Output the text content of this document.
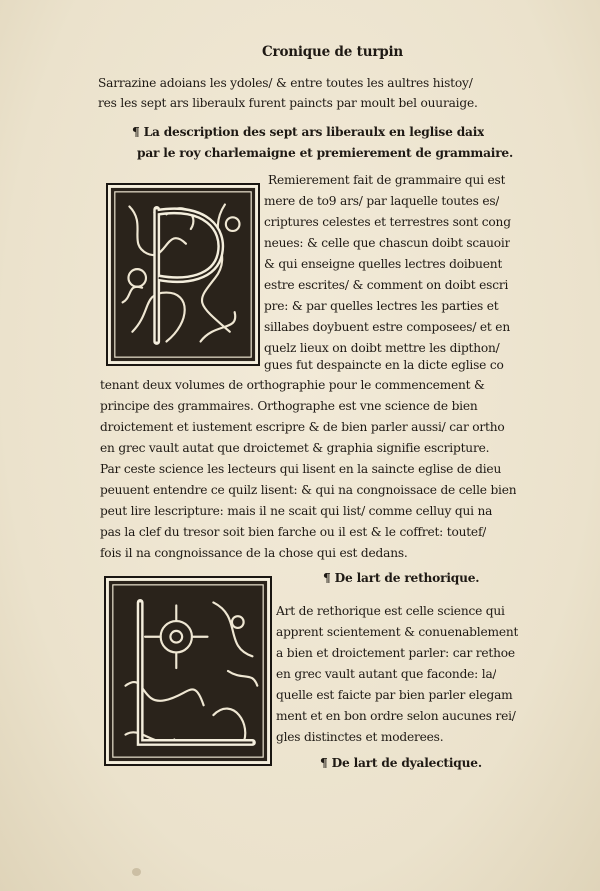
Cronique de turpin
Sarrazine adoians les ydoles/ & entre toutes les aultres histoy/
res les sept ars liberaulx furent paincts par moult bel ouuraige.
¶ La description des sept ars liberaulx en leglise daix
par le roy charlemaigne et premierement de grammaire.
Remierement fait de grammaire qui est
mere de to9 ars/ par laquelle toutes es/
criptures celestes et terrestres sont cong
neues: & celle que chascun doibt scauoir
& qui enseigne quelles lectres doibuent
estre escrites/ & comment on doibt escri
pre: & par quelles lectres les parties et
sillabes doybuent estre composees/ et en
quelz lieux on doibt mettre les dipthon/
gues fut despaincte en la dicte eglise co
tenant deux volumes de orthographie pour le commencement &
principe des grammaires. Orthographe est vne science de bien
droictement et iustement escripre & de bien parler aussi/ car ortho
en grec vault autat que droictemet & graphia signifie escripture.
Par ceste science les lecteurs qui lisent en la saincte eglise de dieu
peuuent entendre ce quilz lisent: & qui na congnoissace de celle bien
peut lire lescripture: mais il ne scait qui list/ comme celluy qui na
pas la clef du tresor soit bien farche ou il est & le coffret: toutef/
fois il na congnoissance de la chose qui est dedans.
¶ De lart de rethorique.
Art de rethorique est celle science qui
apprent scientement & conuenablement
a bien et droictement parler: car rethoe
en grec vault autant que faconde: la/
quelle est faicte par bien parler elegam
ment et en bon ordre selon aucunes rei/
gles distinctes et moderees.
¶ De lart de dyalectique.
